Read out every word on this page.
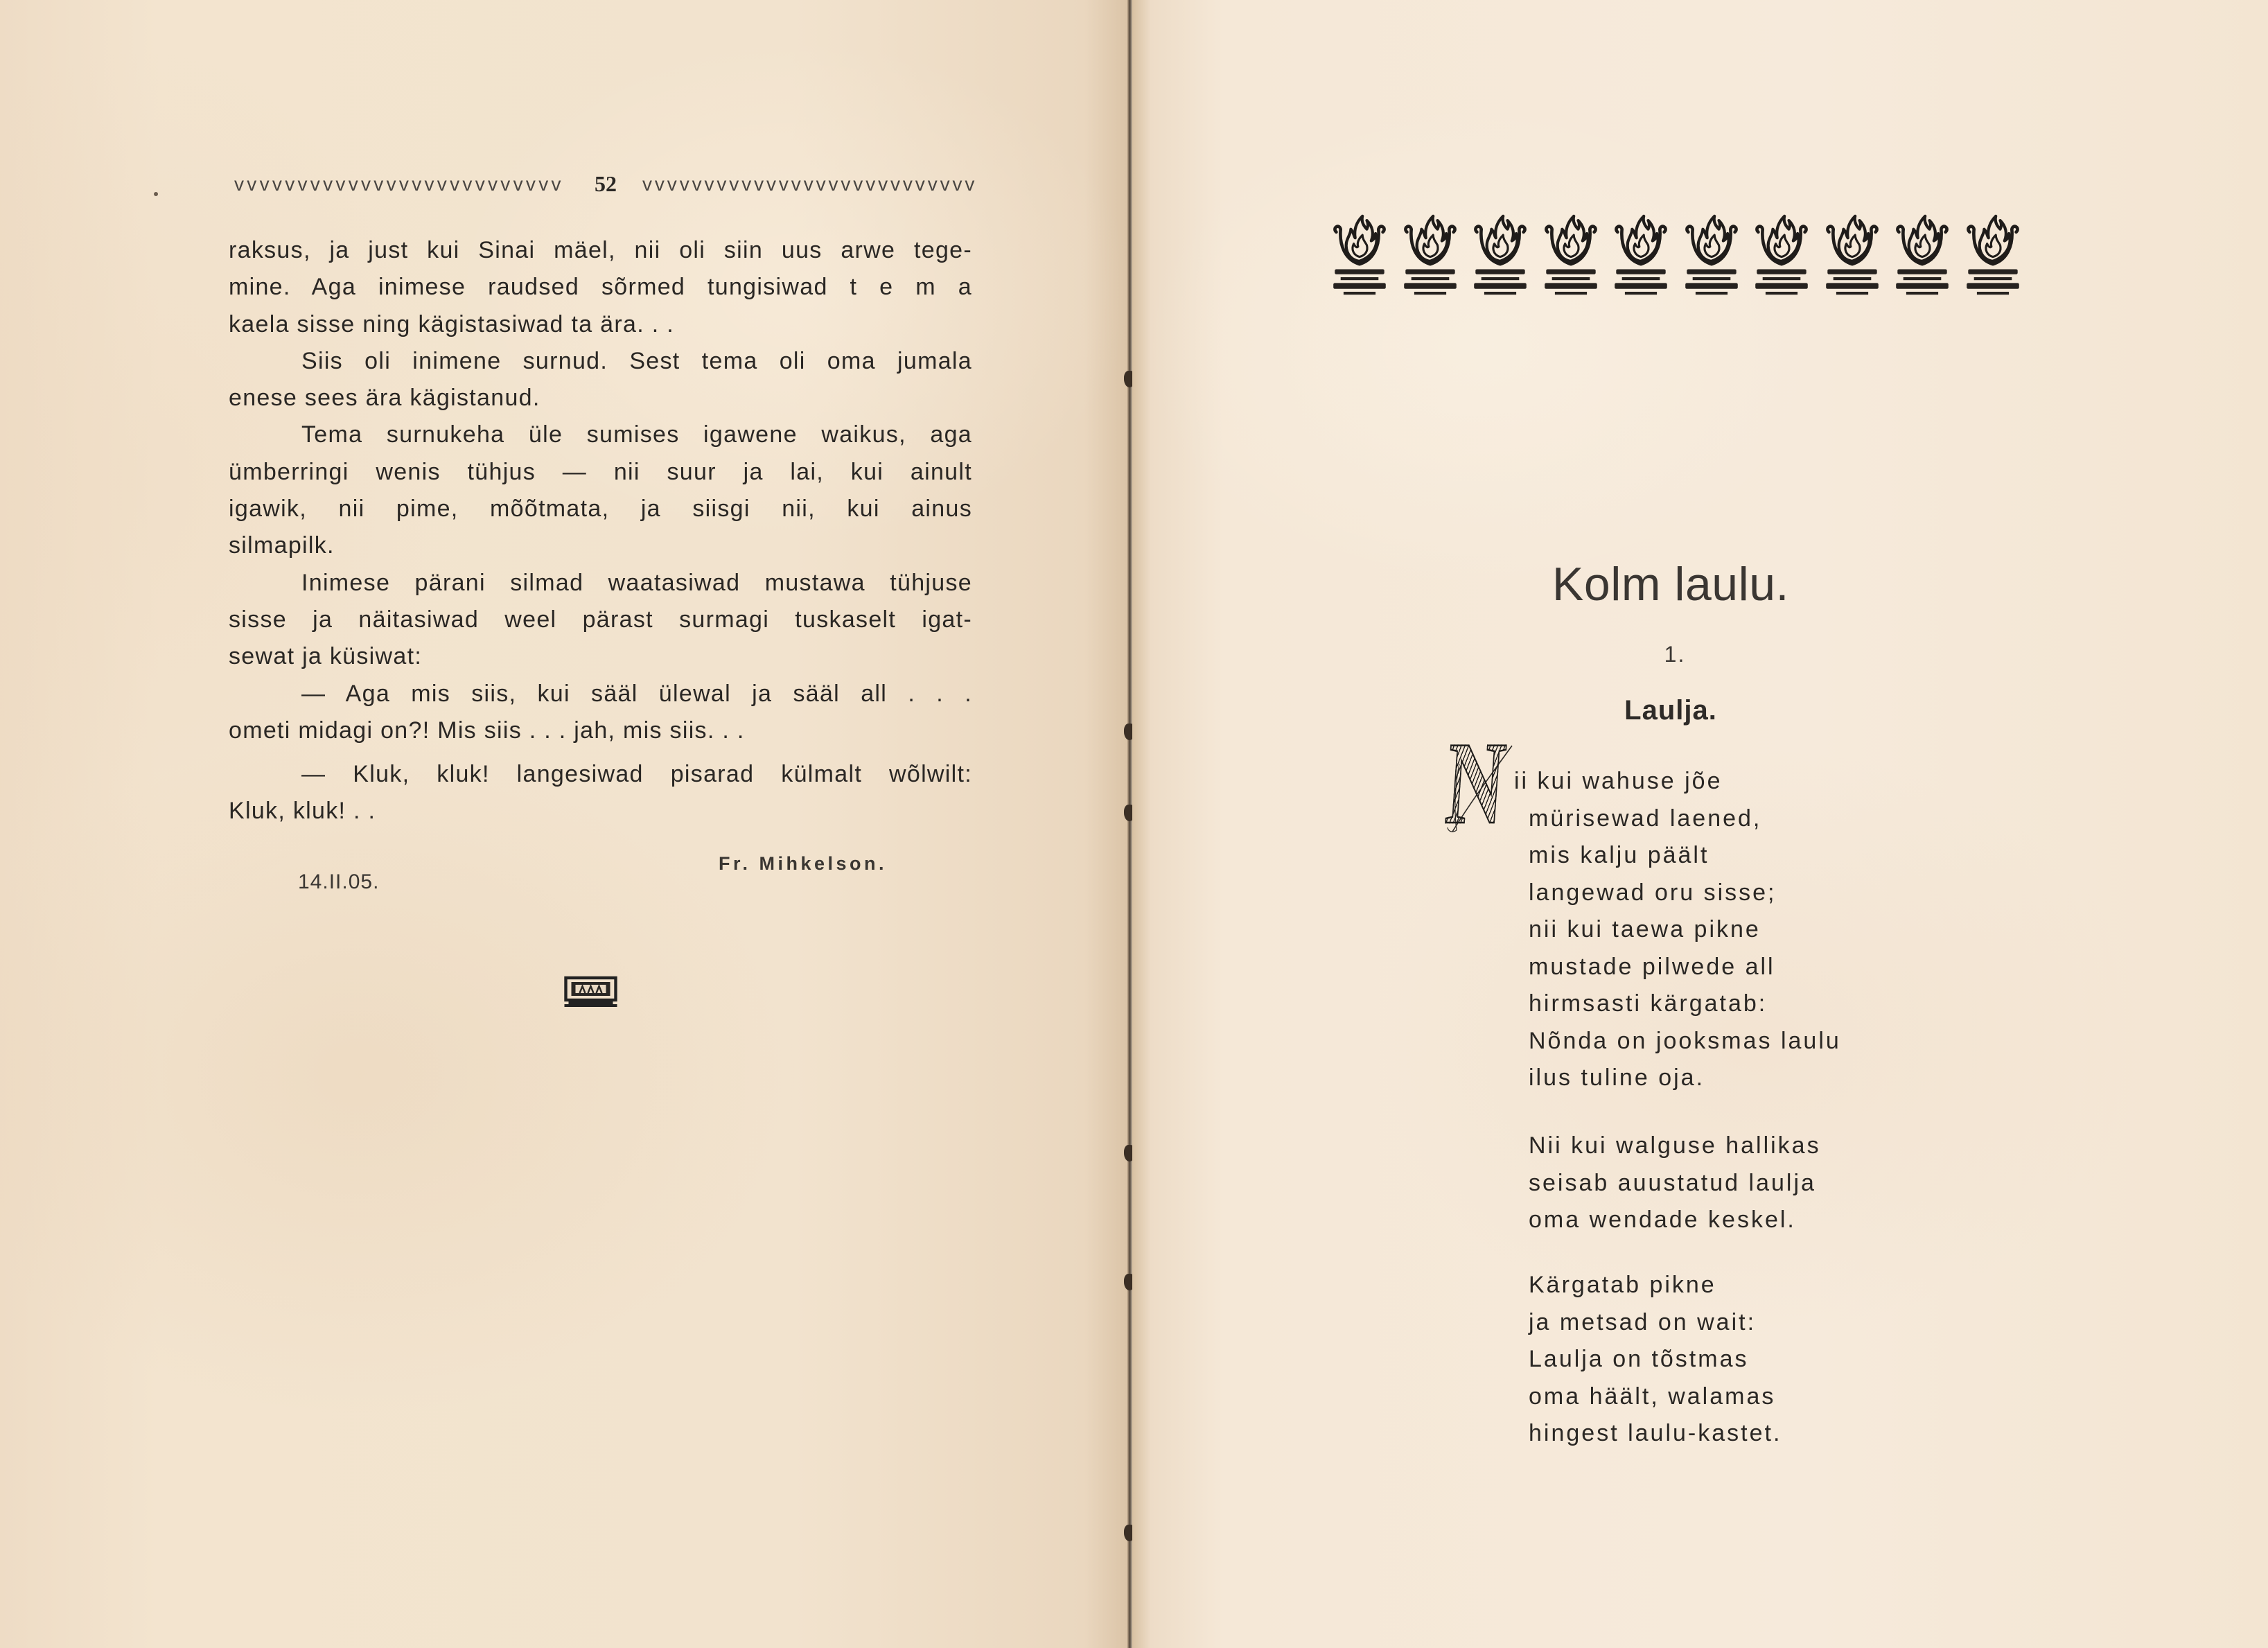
vvvvvvvvvvvvvvvvvvvvvvvvvv 52 vvvvvvvvvvvvvvvvvvvvvvvvvvv
raksus, ja just kui Sinai mäel, nii oli siin uus arwe tege-
mine. Aga inimese raudsed sõrmed tungisiwad t e m a
kaela sisse ning kägistasiwad ta ära. . .
Siis oli inimene surnud. Sest tema oli oma jumala
enese sees ära kägistanud.
Tema surnukeha üle sumises igawene waikus, aga
ümberringi wenis tühjus — nii suur ja lai, kui ainult
igawik, nii pime, mõõtmata, ja siisgi nii, kui ainus
silmapilk.
Inimese pärani silmad waatasiwad mustawa tühjuse
sisse ja näitasiwad weel pärast surmagi tuskaselt igat-
sewat ja küsiwat:
— Aga mis siis, kui sääl ülewal ja sääl all . . .
ometi midagi on?! Mis siis . . . jah, mis siis. . .
— Kluk, kluk! langesiwad pisarad külmalt wõlwilt:
Kluk, kluk! . .
Fr. Mihkelson.
14.II.05.
Kolm laulu.
1.
Laulja.
N ii kui wahuse jõe
mürisewad laened,
mis kalju päält
langewad oru sisse;
nii kui taewa pikne
mustade pilwede all
hirmsasti kärgatab:
Nõnda on jooksmas laulu
ilus tuline oja.
Nii kui walguse hallikas
seisab auustatud laulja
oma wendade keskel.
Kärgatab pikne
ja metsad on wait:
Laulja on tõstmas
oma häält, walamas
hingest laulu-kastet.
